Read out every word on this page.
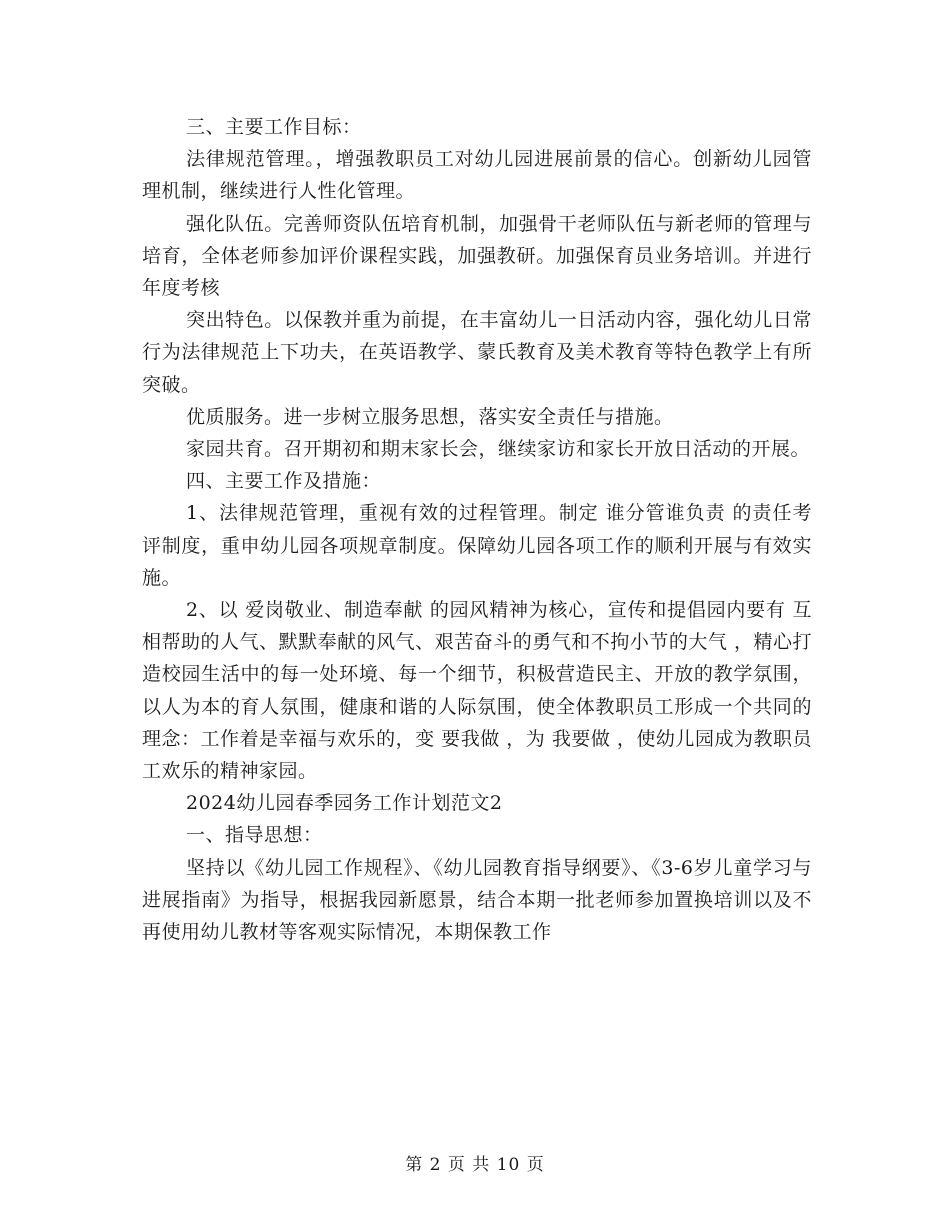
三、主要工作目标：

法律规范管理。，增强教职员工对幼儿园进展前景的信心。创新幼儿园管理机制，继续进行人性化管理。

强化队伍。完善师资队伍培育机制，加强骨干老师队伍与新老师的管理与培育，全体老师参加评价课程实践，加强教研。加强保育员业务培训。并进行年度考核

突出特色。以保教并重为前提，在丰富幼儿一日活动内容，强化幼儿日常行为法律规范上下功夫，在英语教学、蒙氏教育及美术教育等特色教学上有所突破。

优质服务。进一步树立服务思想，落实安全责任与措施。

家园共育。召开期初和期末家长会，继续家访和家长开放日活动的开展。

四、主要工作及措施：

1、法律规范管理，重视有效的过程管理。制定 谁分管谁负责 的责任考评制度，重申幼儿园各项规章制度。保障幼儿园各项工作的顺利开展与有效实施。

2、以 爱岗敬业、制造奉献 的园风精神为核心，宣传和提倡园内要有 互相帮助的人气、默默奉献的风气、艰苦奋斗的勇气和不拘小节的大气 ，精心打造校园生活中的每一处环境、每一个细节，积极营造民主、开放的教学氛围，以人为本的育人氛围，健康和谐的人际氛围，使全体教职员工形成一个共同的理念：工作着是幸福与欢乐的，变 要我做 ，为 我要做 ，使幼儿园成为教职员工欢乐的精神家园。

2024幼儿园春季园务工作计划范文2

一、指导思想：

坚持以《幼儿园工作规程》、《幼儿园教育指导纲要》、《3-6岁儿童学习与进展指南》为指导，根据我园新愿景，结合本期一批老师参加置换培训以及不再使用幼儿教材等客观实际情况，本期保教工作

第 2 页 共 10 页
